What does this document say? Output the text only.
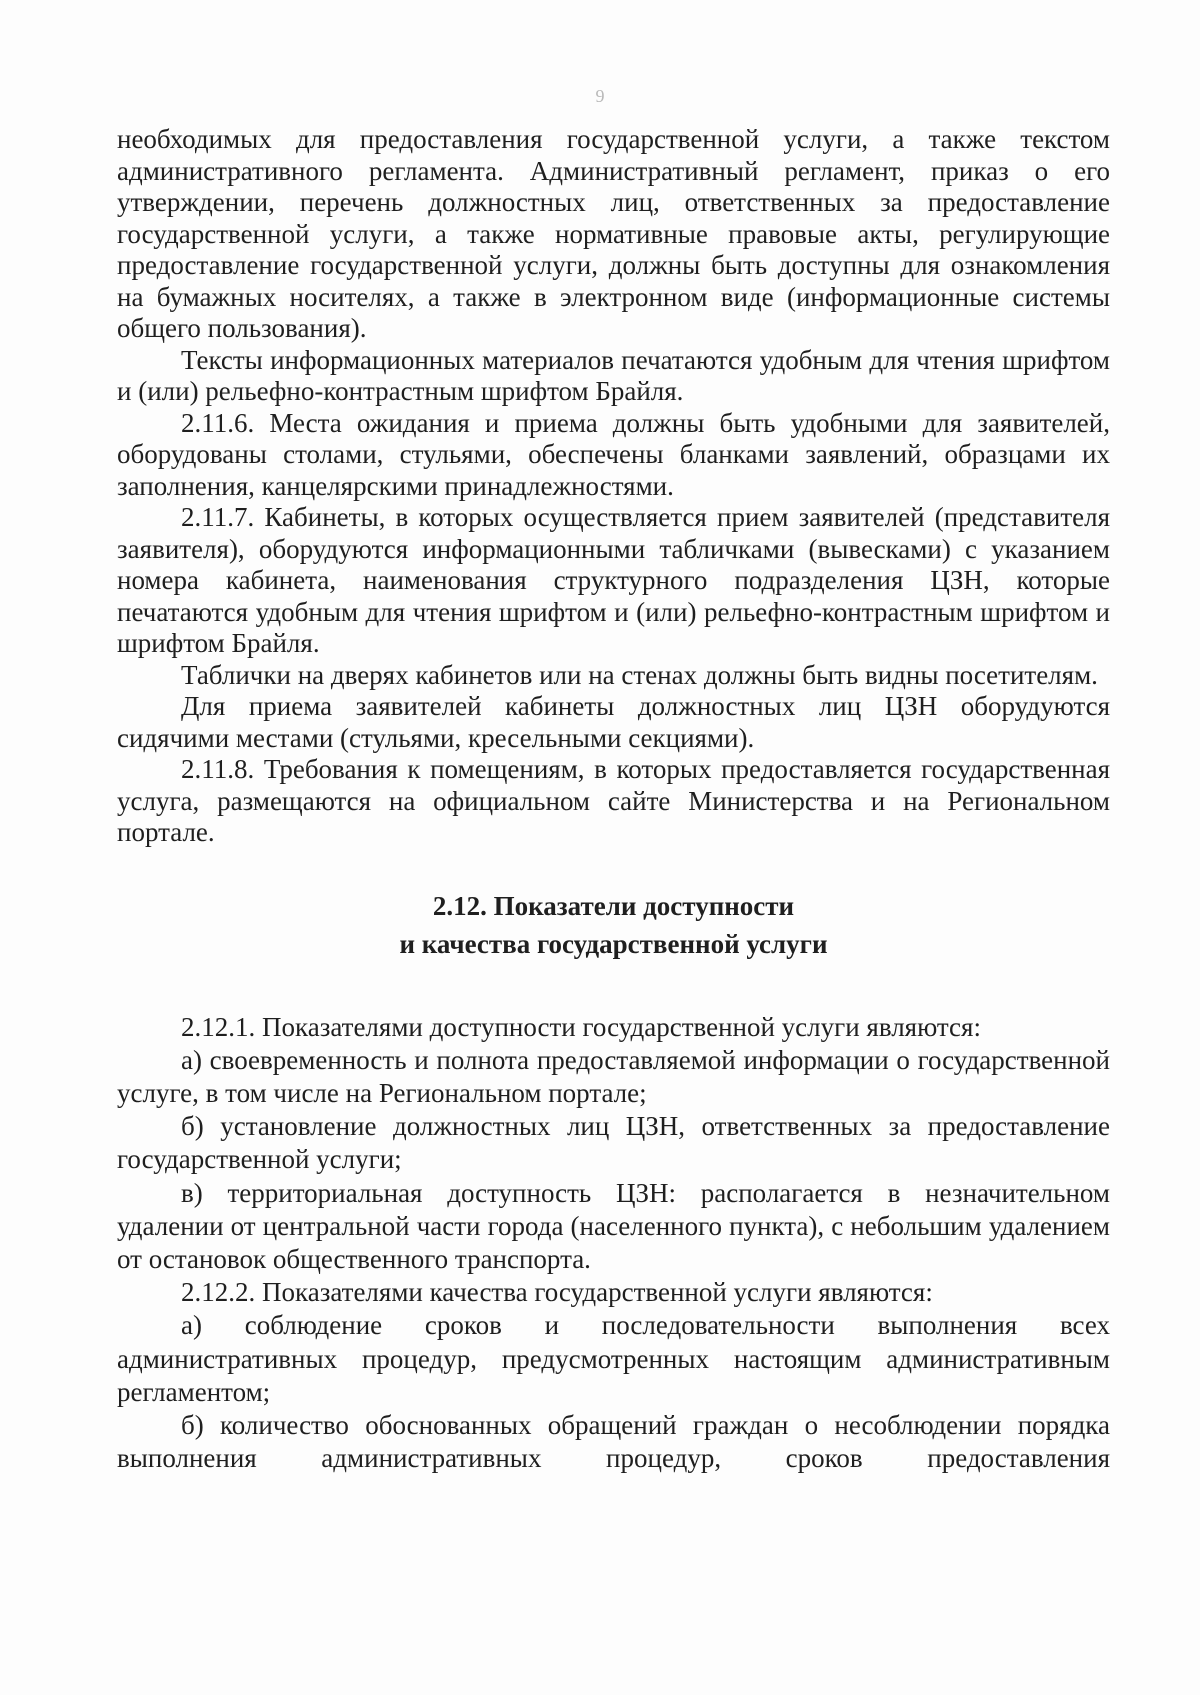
9

необходимых для предоставления государственной услуги, а также текстом административного регламента. Административный регламент, приказ о его утверждении, перечень должностных лиц, ответственных за предоставление государственной услуги, а также нормативные правовые акты, регулирующие предоставление государственной услуги, должны быть доступны для ознакомления на бумажных носителях, а также в электронном виде (информационные системы общего пользования).

Тексты информационных материалов печатаются удобным для чтения шрифтом и (или) рельефно-контрастным шрифтом Брайля.

2.11.6. Места ожидания и приема должны быть удобными для заявителей, оборудованы столами, стульями, обеспечены бланками заявлений, образцами их заполнения, канцелярскими принадлежностями.

2.11.7. Кабинеты, в которых осуществляется прием заявителей (представителя заявителя), оборудуются информационными табличками (вывесками) с указанием номера кабинета, наименования структурного подразделения ЦЗН, которые печатаются удобным для чтения шрифтом и (или) рельефно-контрастным шрифтом и шрифтом Брайля.

Таблички на дверях кабинетов или на стенах должны быть видны посетителям.

Для приема заявителей кабинеты должностных лиц ЦЗН оборудуются сидячими местами (стульями, кресельными секциями).

2.11.8. Требования к помещениям, в которых предоставляется государственная услуга, размещаются на официальном сайте Министерства и на Региональном портале.

2.12. Показатели доступности
и качества государственной услуги

2.12.1. Показателями доступности государственной услуги являются:

а) своевременность и полнота предоставляемой информации о государственной услуге, в том числе на Региональном портале;

б) установление должностных лиц ЦЗН, ответственных за предоставление государственной услуги;

в) территориальная доступность ЦЗН: располагается в незначительном удалении от центральной части города (населенного пункта), с небольшим удалением от остановок общественного транспорта.

2.12.2. Показателями качества государственной услуги являются:

а) соблюдение сроков и последовательности выполнения всех административных процедур, предусмотренных настоящим административным регламентом;

б) количество обоснованных обращений граждан о несоблюдении порядка выполнения административных процедур, сроков предоставления
